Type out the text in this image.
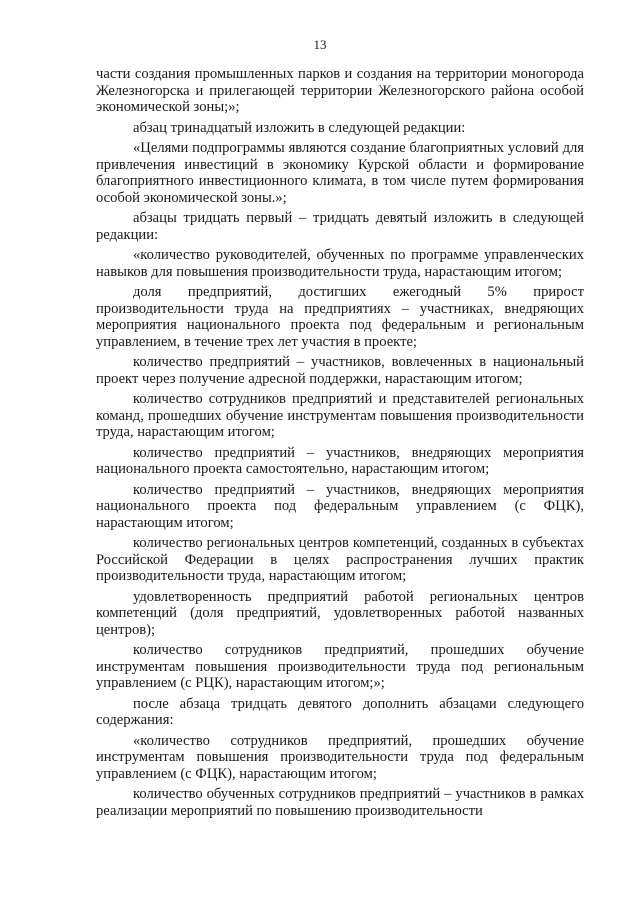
13

части создания промышленных парков и создания на территории моногорода Железногорска и прилегающей территории Железногорского района особой экономической зоны;»;

абзац тринадцатый изложить в следующей редакции:

«Целями подпрограммы являются создание благоприятных условий для привлечения инвестиций в экономику Курской области и формирование благоприятного инвестиционного климата, в том числе путем формирования особой экономической зоны.»;

абзацы тридцать первый – тридцать девятый изложить в следующей редакции:

«количество руководителей, обученных по программе управленческих навыков для повышения производительности труда, нарастающим итогом;

доля предприятий, достигших ежегодный 5% прирост производительности труда на предприятиях – участниках, внедряющих мероприятия национального проекта под федеральным и региональным управлением, в течение трех лет участия в проекте;

количество предприятий – участников, вовлеченных в национальный проект через получение адресной поддержки, нарастающим итогом;

количество сотрудников предприятий и представителей региональных команд, прошедших обучение инструментам повышения производительности труда, нарастающим итогом;

количество предприятий – участников, внедряющих мероприятия национального проекта самостоятельно, нарастающим итогом;

количество предприятий – участников, внедряющих мероприятия национального проекта под федеральным управлением (с ФЦК), нарастающим итогом;

количество региональных центров компетенций, созданных в субъектах Российской Федерации в целях распространения лучших практик производительности труда, нарастающим итогом;

удовлетворенность предприятий работой региональных центров компетенций (доля предприятий, удовлетворенных работой названных центров);

количество сотрудников предприятий, прошедших обучение инструментам повышения производительности труда под региональным управлением (с РЦК), нарастающим итогом;»;

после абзаца тридцать девятого дополнить абзацами следующего содержания:

«количество сотрудников предприятий, прошедших обучение инструментам повышения производительности труда под федеральным управлением (с ФЦК), нарастающим итогом;

количество обученных сотрудников предприятий – участников в рамках реализации мероприятий по повышению производительности
